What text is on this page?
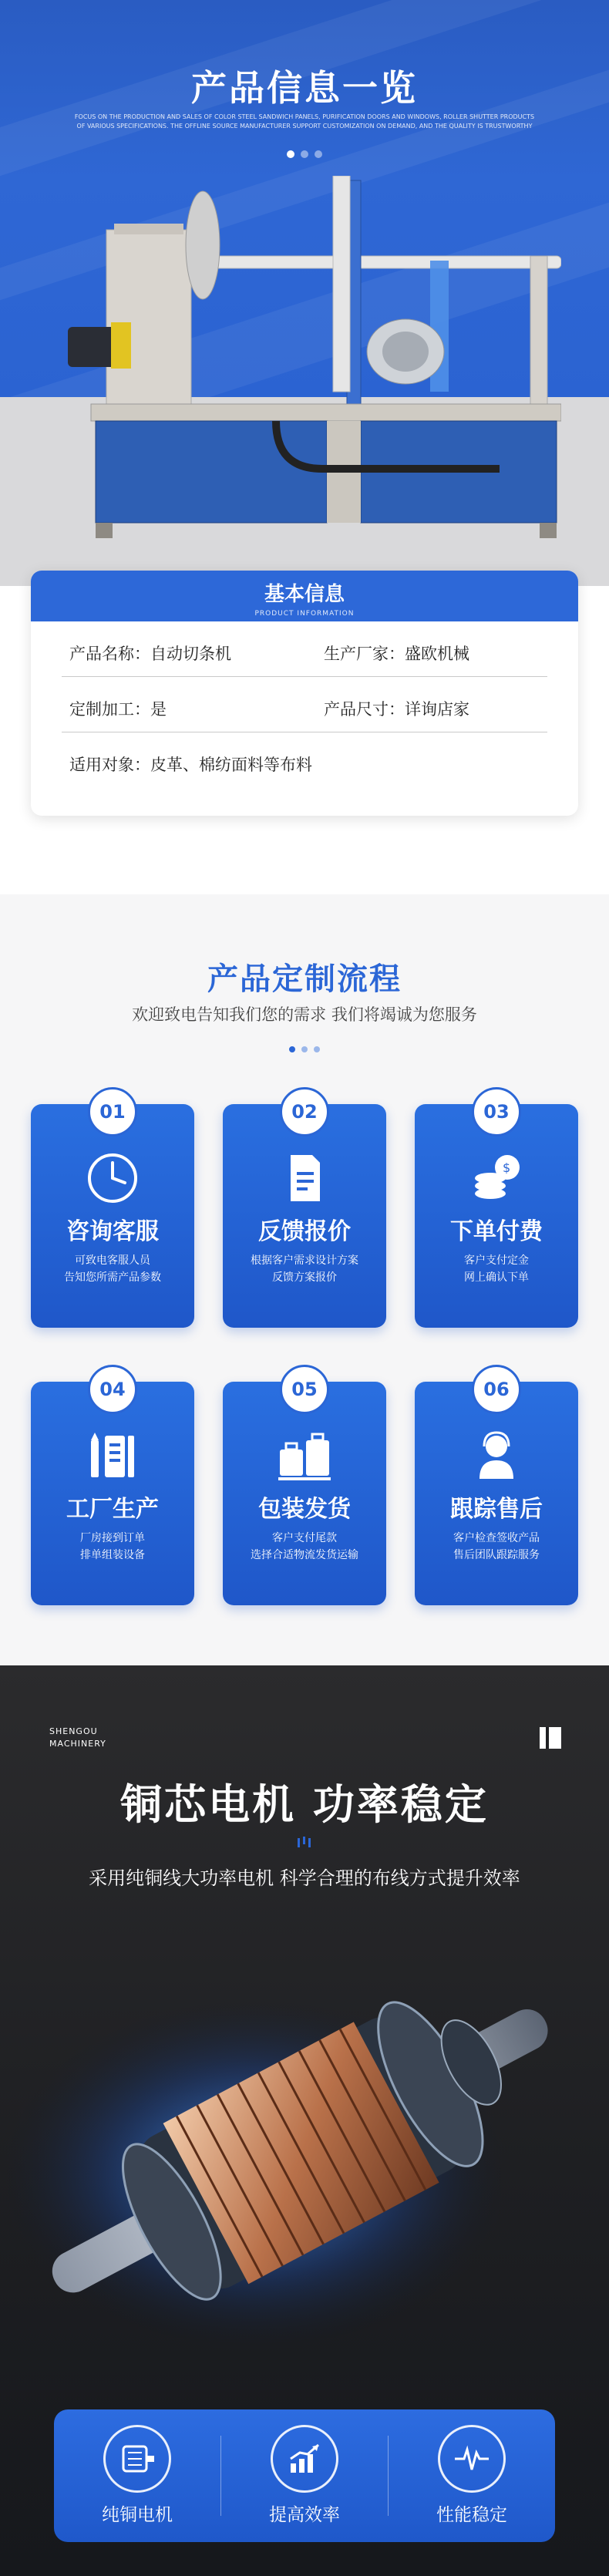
产品信息一览

FOCUS ON THE PRODUCTION AND SALES OF COLOR STEEL SANDWICH PANELS, PURIFICATION DOORS AND WINDOWS, ROLLER SHUTTER PRODUCTS OF VARIOUS SPECIFICATIONS. THE OFFLINE SOURCE MANUFACTURER SUPPORT CUSTOMIZATION ON DEMAND, AND THE QUALITY IS TRUSTWORTHY

基本信息
PRODUCT INFORMATION
产品名称：自动切条机	生产厂家：盛欧机械
定制加工：是	产品尺寸：详询店家
适用对象：皮革、棉纺面料等布料
产品定制流程

欢迎致电告知我们您的需求 我们将竭诚为您服务

01
咨询客服
可致电客服人员
告知您所需产品参数
02
反馈报价
根据客户需求设计方案
反馈方案报价
03
$
下单付费
客户支付定金
网上确认下单
04
工厂生产
厂房接到订单
排单组装设备
05
包装发货
客户支付尾款
选择合适物流发货运输
06
跟踪售后
客户检查签收产品
售后团队跟踪服务
SHENGOU
MACHINERY
铜芯电机 功率稳定

采用纯铜线大功率电机 科学合理的布线方式提升效率

纯铜电机	提高效率	性能稳定
